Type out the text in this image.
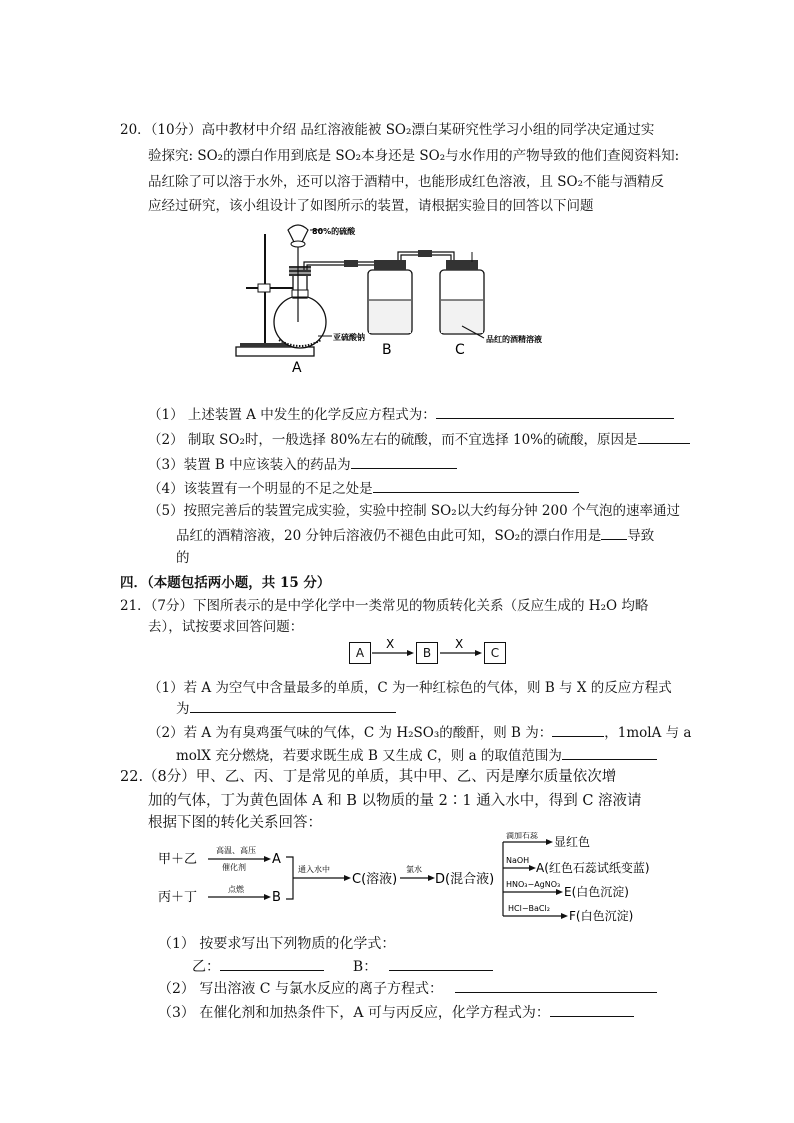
20．（10分）高中教材中介绍 品红溶液能被 SO₂漂白某研究性学习小组的同学决定通过实
验探究: SO₂的漂白作用到底是 SO₂本身还是 SO₂与水作用的产物导致的他们查阅资料知:
品红除了可以溶于水外，还可以溶于酒精中，也能形成红色溶液，且 SO₂不能与酒精反
应经过研究，该小组设计了如图所示的装置，请根据实验目的回答以下问题
80%的硫酸
亚硫酸钠	品红的酒精溶液
A
B	C
（1） 上述装置 A 中发生的化学反应方程式为：
（2） 制取 SO₂时，一般选择 80%左右的硫酸，而不宜选择 10%的硫酸，原因是
（3）装置 B 中应该装入的药品为
（4）该装置有一个明显的不足之处是
（5）按照完善后的装置完成实验，实验中控制 SO₂以大约每分钟 200 个气泡的速率通过
品红的酒精溶液，20 分钟后溶液仍不褪色由此可知，SO₂的漂白作用是 导致
的
四．（本题包括两小题，共 15 分）
21．（7分）下图所表示的是中学化学中一类常见的物质转化关系（反应生成的 H₂O 均略
去），试按要求回答问题：
A	B	C
X	X
（1）若 A 为空气中含量最多的单质，C 为一种红棕色的气体，则 B 与 X 的反应方程式
为
（2）若 A 为有臭鸡蛋气味的气体，C 为 H₂SO₃的酸酐，则 B 为：	，1molA 与 a
molX 充分燃烧，若要求既生成 B 又生成 C，则 a 的取值范围为
22.（8分）甲、乙、丙、丁是常见的单质，其中甲、乙、丙是摩尔质量依次增
加的气体，丁为黄色固体 A 和 B 以物质的量 2∶1 通入水中，得到 C 溶液请
根据下图的转化关系回答：
甲＋乙
高温、高压
催化剂
A
丙＋丁
点燃
B
通入水中
C(溶液)
氯水
D(混合液)
滴加石蕊 显红色
NaOH
A(红色石蕊试纸变蓝)
HNO₃−AgNO₃
E(白色沉淀)
HCl−BaCl₂
F(白色沉淀)
（1） 按要求写出下列物质的化学式：
乙：	B：
（2） 写出溶液 C 与氯水反应的离子方程式：
（3） 在催化剂和加热条件下，A 可与丙反应，化学方程式为：
